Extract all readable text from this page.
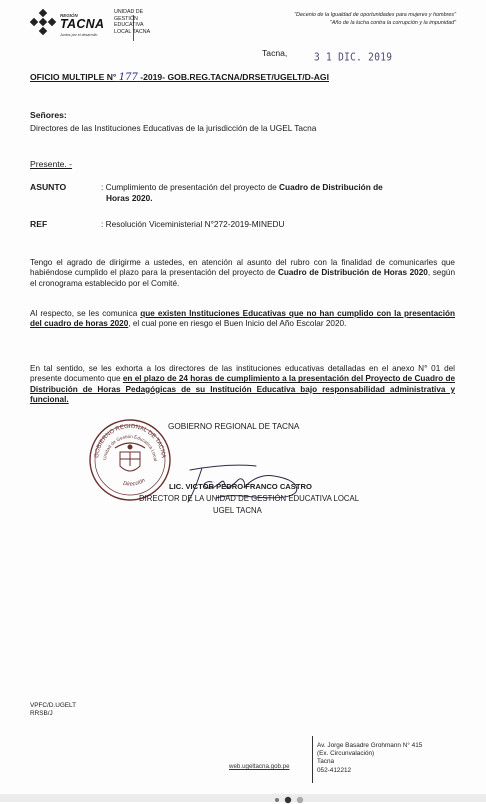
REGIÓN
TACNA
Juntos por el desarrollo
UNIDAD DE
GESTIÓN
EDUCATIVA
LOCAL TACNA
"Decenio de la Igualdad de oportunidades para mujeres y hombres"
"Año de la lucha contra la corrupción y la impunidad"
Tacna,	3 1 DIC. 2019
OFICIO MULTIPLE N° 177 -2019- GOB.REG.TACNA/DRSET/UGELT/D-AGI
Señores:
Directores de las Instituciones Educativas de la jurisdicción de la UGEL Tacna
Presente. -
ASUNTO	: Cumplimiento de presentación del proyecto de Cuadro de Distribución de
Horas 2020.
REF	: Resolución Viceministerial N°272-2019-MINEDU
Tengo el agrado de dirigirme a ustedes, en atención al asunto del rubro con la finalidad de comunicarles que habiéndose cumplido el plazo para la presentación del proyecto de Cuadro de Distribución de Horas 2020, según el cronograma establecido por el Comité.
Al respecto, se les comunica que existen Instituciones Educativas que no han cumplido con la presentación del cuadro de horas 2020, el cual pone en riesgo el Buen Inicio del Año Escolar 2020.
En tal sentido, se les exhorta a los directores de las instituciones educativas detalladas en el anexo N° 01 del presente documento que en el plazo de 24 horas de cumplimiento a la presentación del Proyecto de Cuadro de Distribución de Horas Pedagógicas de su Institución Educativa bajo responsabilidad administrativa y funcional.
GOBIERNO REGIONAL DE TACNA
Unidad de Gestión Educativa Local
Dirección
GOBIERNO REGIONAL DE TACNA
LIC. VICTOR PEDRO FRANCO CASTRO
DIRECTOR DE LA UNIDAD DE GESTIÓN EDUCATIVA LOCAL
UGEL TACNA
VPFC/D.UGELT
RRSB/J
web.ugeltacna.gob.pe
Av. Jorge Basadre Grohmann N° 415
(Ex. Circunvalación)
Tacna
052-412212
